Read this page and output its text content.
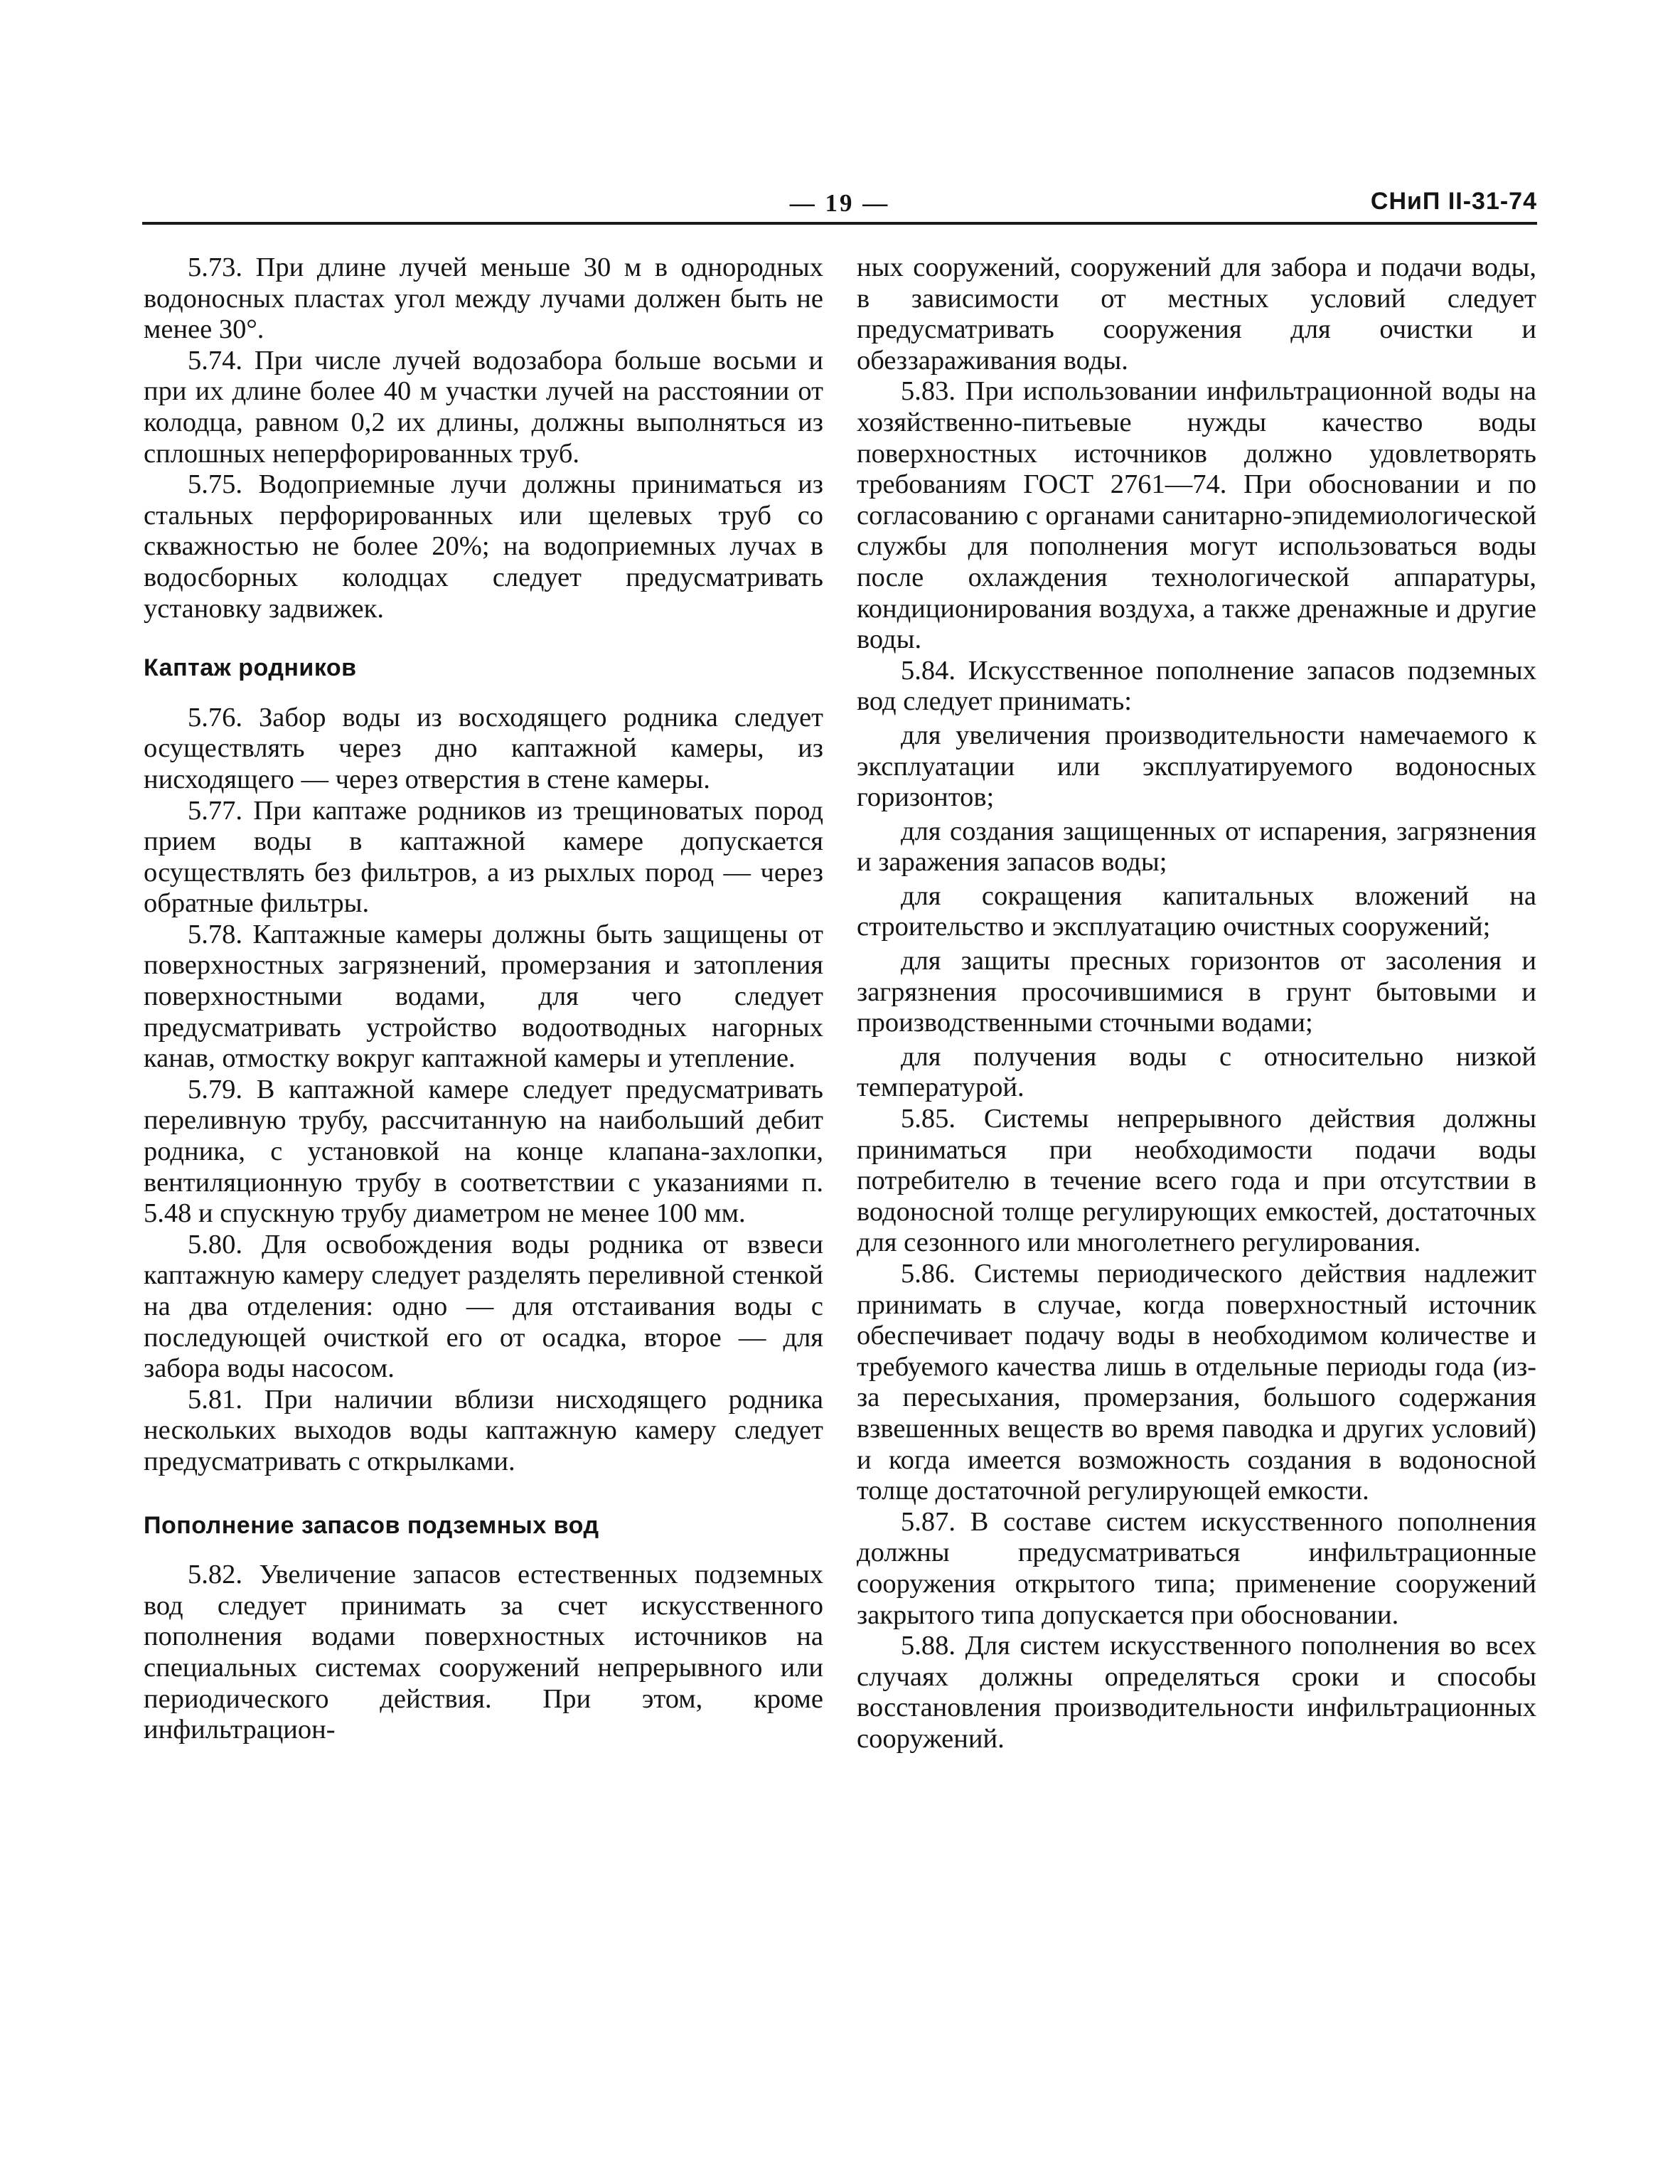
— 19 —	СНиП II-31-74

5.73. При длине лучей меньше 30 м в однородных водоносных пластах угол между лучами должен быть не менее 30°.

5.74. При числе лучей водозабора больше восьми и при их длине более 40 м участки лучей на расстоянии от колодца, равном 0,2 их длины, должны выполняться из сплошных неперфорированных труб.

5.75. Водоприемные лучи должны приниматься из стальных перфорированных или щелевых труб со скважностью не более 20%; на водоприемных лучах в водосборных колодцах следует предусматривать установку задвижек.

Каптаж родников

5.76. Забор воды из восходящего родника следует осуществлять через дно каптажной камеры, из нисходящего — через отверстия в стене камеры.

5.77. При каптаже родников из трещиноватых пород прием воды в каптажной камере допускается осуществлять без фильтров, а из рыхлых пород — через обратные фильтры.

5.78. Каптажные камеры должны быть защищены от поверхностных загрязнений, промерзания и затопления поверхностными водами, для чего следует предусматривать устройство водоотводных нагорных канав, отмостку вокруг каптажной камеры и утепление.

5.79. В каптажной камере следует предусматривать переливную трубу, рассчитанную на наибольший дебит родника, с установкой на конце клапана-захлопки, вентиляционную трубу в соответствии с указаниями п. 5.48 и спускную трубу диаметром не менее 100 мм.

5.80. Для освобождения воды родника от взвеси каптажную камеру следует разделять переливной стенкой на два отделения: одно — для отстаивания воды с последующей очисткой его от осадка, второе — для забора воды насосом.

5.81. При наличии вблизи нисходящего родника нескольких выходов воды каптажную камеру следует предусматривать с открылками.

Пополнение запасов подземных вод

5.82. Увеличение запасов естественных подземных вод следует принимать за счет искусственного пополнения водами поверхностных источников на специальных системах сооружений непрерывного или периодического действия. При этом, кроме инфильтрацион-

ных сооружений, сооружений для забора и подачи воды, в зависимости от местных условий следует предусматривать сооружения для очистки и обеззараживания воды.

5.83. При использовании инфильтрационной воды на хозяйственно-питьевые нужды качество воды поверхностных источников должно удовлетворять требованиям ГОСТ 2761—74. При обосновании и по согласованию с органами санитарно-эпидемиологической службы для пополнения могут использоваться воды после охлаждения технологической аппаратуры, кондиционирования воздуха, а также дренажные и другие воды.

5.84. Искусственное пополнение запасов подземных вод следует принимать:

для увеличения производительности намечаемого к эксплуатации или эксплуатируемого водоносных горизонтов;

для создания защищенных от испарения, загрязнения и заражения запасов воды;

для сокращения капитальных вложений на строительство и эксплуатацию очистных сооружений;

для защиты пресных горизонтов от засоления и загрязнения просочившимися в грунт бытовыми и производственными сточными водами;

для получения воды с относительно низкой температурой.

5.85. Системы непрерывного действия должны приниматься при необходимости подачи воды потребителю в течение всего года и при отсутствии в водоносной толще регулирующих емкостей, достаточных для сезонного или многолетнего регулирования.

5.86. Системы периодического действия надлежит принимать в случае, когда поверхностный источник обеспечивает подачу воды в необходимом количестве и требуемого качества лишь в отдельные периоды года (из-за пересыхания, промерзания, большого содержания взвешенных веществ во время паводка и других условий) и когда имеется возможность создания в водоносной толще достаточной регулирующей емкости.

5.87. В составе систем искусственного пополнения должны предусматриваться инфильтрационные сооружения открытого типа; применение сооружений закрытого типа допускается при обосновании.

5.88. Для систем искусственного пополнения во всех случаях должны определяться сроки и способы восстановления производительности инфильтрационных сооружений.
